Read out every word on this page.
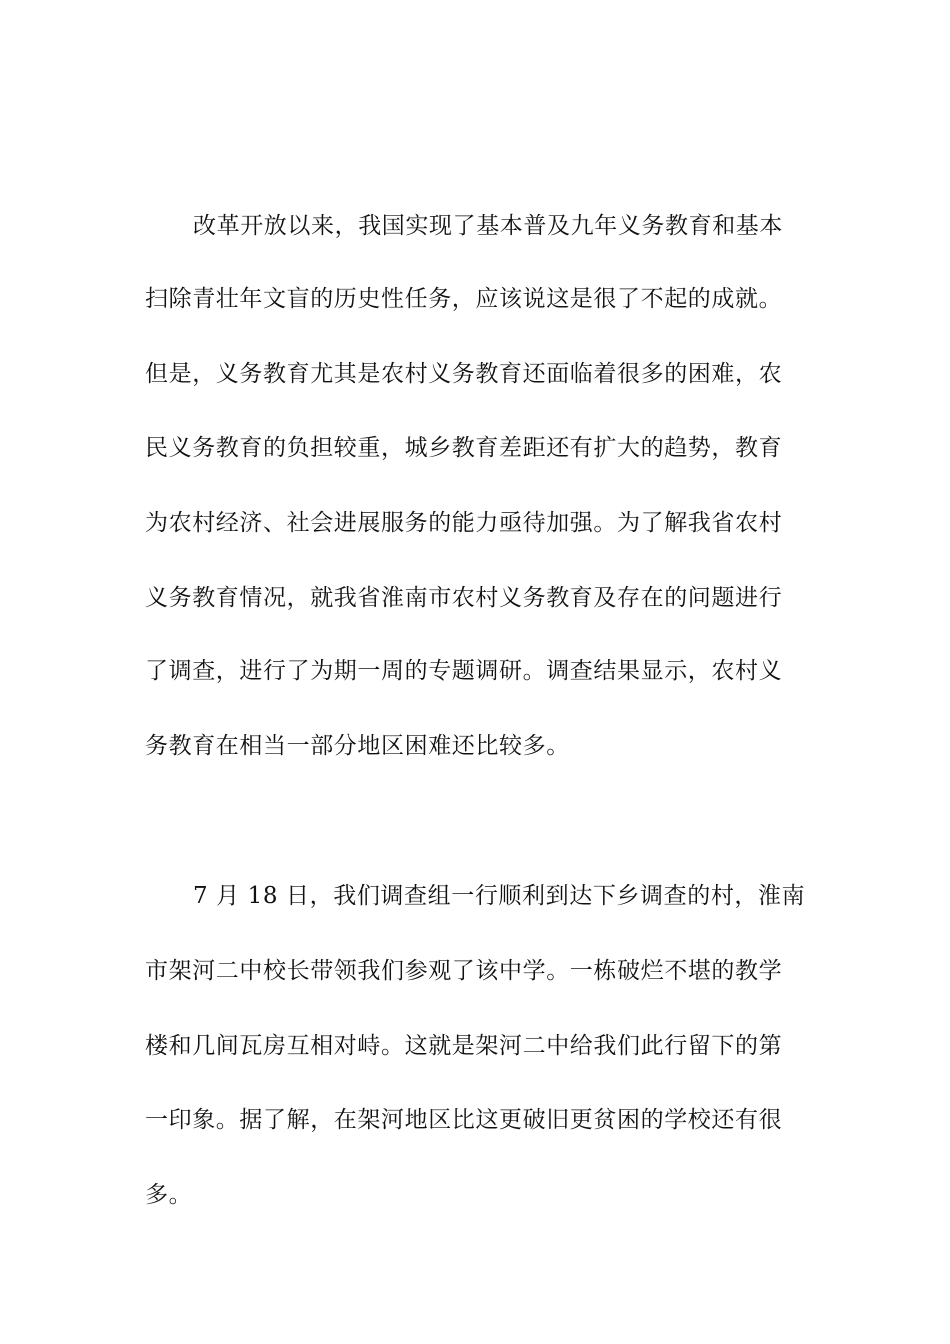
改革开放以来，我国实现了基本普及九年义务教育和基本
扫除青壮年文盲的历史性任务，应该说这是很了不起的成就。
但是，义务教育尤其是农村义务教育还面临着很多的困难，农
民义务教育的负担较重，城乡教育差距还有扩大的趋势，教育
为农村经济、社会进展服务的能力亟待加强。为了解我省农村
义务教育情况，就我省淮南市农村义务教育及存在的问题进行
了调查，进行了为期一周的专题调研。调查结果显示，农村义
务教育在相当一部分地区困难还比较多。
7 月 18 日，我们调查组一行顺利到达下乡调查的村，淮南
市架河二中校长带领我们参观了该中学。一栋破烂不堪的教学
楼和几间瓦房互相对峙。这就是架河二中给我们此行留下的第
一印象。据了解，在架河地区比这更破旧更贫困的学校还有很
多。
